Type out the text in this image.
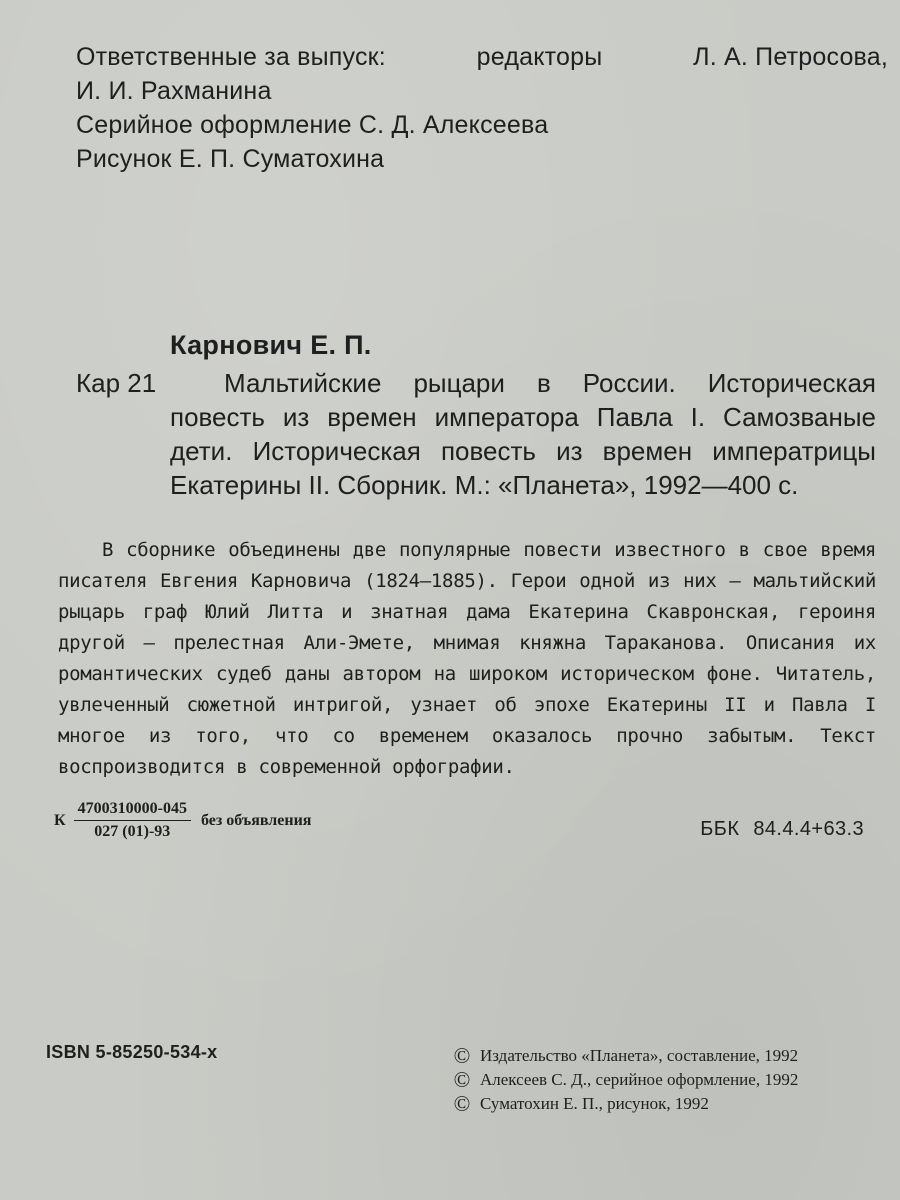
Ответственные за выпуск:	редакторы	Л. А. Петросова,
И. И. Рахманина
Серийное оформление С. Д. Алексеева
Рисунок Е. П. Суматохина
Карнович Е. П.
Кар 21	Мальтийские рыцари в России. Историческая повесть из времен императора Павла I. Самозваные дети. Историческая повесть из времен императрицы Екатерины II. Сборник. М.: «Планета», 1992—400 с.
В сборнике объединены две популярные повести известного в свое время писателя Евгения Карновича (1824—1885). Герои одной из них — мальтийский рыцарь граф Юлий Литта и знатная дама Екатерина Скавронская, героиня другой — прелестная Али-Эмете, мнимая княжна Тараканова. Описания их романтических судеб даны автором на широком историческом фоне. Читатель, увлеченный сюжетной интригой, узнает об эпохе Екатерины II и Павла I многое из того, что со временем оказалось прочно забытым. Текст воспроизводится в современной орфографии.
К $\frac{4700310000-045}{027 (01)-93}$ без объявления	ББК 84.4.4+63.3
ISBN 5-85250-534-х	© Издательство «Планета», составление, 1992
© Алексеев С. Д., серийное оформление, 1992
© Суматохин Е. П., рисунок, 1992
